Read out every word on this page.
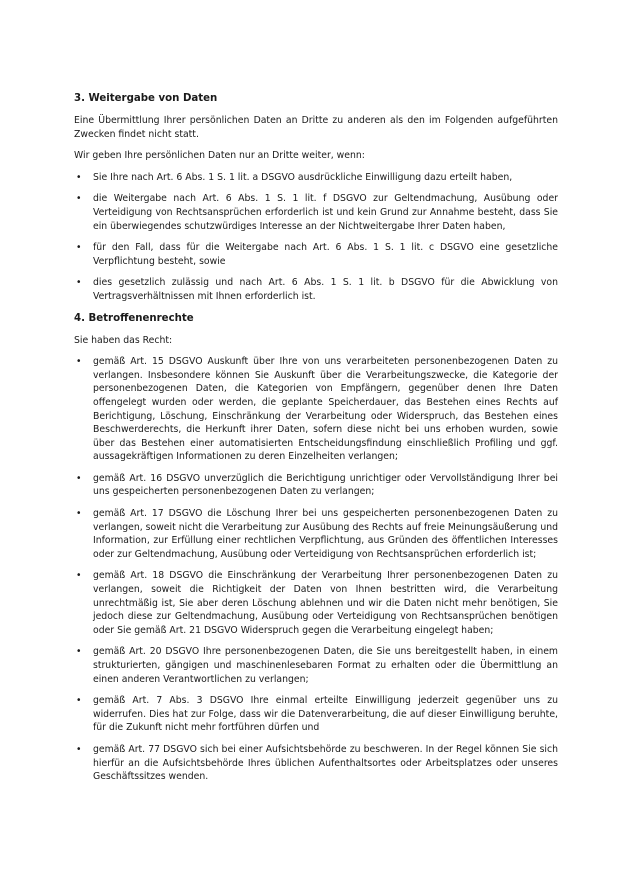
3. Weitergabe von Daten

Eine Übermittlung Ihrer persönlichen Daten an Dritte zu anderen als den im Folgenden aufgeführten Zwecken findet nicht statt.

Wir geben Ihre persönlichen Daten nur an Dritte weiter, wenn:

• Sie Ihre nach Art. 6 Abs. 1 S. 1 lit. a DSGVO ausdrückliche Einwilligung dazu erteilt haben,
• die Weitergabe nach Art. 6 Abs. 1 S. 1 lit. f DSGVO zur Geltendmachung, Ausübung oder Verteidigung von Rechtsansprüchen erforderlich ist und kein Grund zur Annahme besteht, dass Sie ein überwiegendes schutzwürdiges Interesse an der Nichtweitergabe Ihrer Daten haben,
• für den Fall, dass für die Weitergabe nach Art. 6 Abs. 1 S. 1 lit. c DSGVO eine gesetzliche Verpflichtung besteht, sowie
• dies gesetzlich zulässig und nach Art. 6 Abs. 1 S. 1 lit. b DSGVO für die Abwicklung von Vertragsverhältnissen mit Ihnen erforderlich ist.
4. Betroffenenrechte

Sie haben das Recht:

• gemäß Art. 15 DSGVO Auskunft über Ihre von uns verarbeiteten personenbezogenen Daten zu verlangen. Insbesondere können Sie Auskunft über die Verarbeitungszwecke, die Kategorie der personenbezogenen Daten, die Kategorien von Empfängern, gegenüber denen Ihre Daten offengelegt wurden oder werden, die geplante Speicherdauer, das Bestehen eines Rechts auf Berichtigung, Löschung, Einschränkung der Verarbeitung oder Widerspruch, das Bestehen eines Beschwerderechts, die Herkunft ihrer Daten, sofern diese nicht bei uns erhoben wurden, sowie über das Bestehen einer automatisierten Entscheidungsfindung einschließlich Profiling und ggf. aussagekräftigen Informationen zu deren Einzelheiten verlangen;
• gemäß Art. 16 DSGVO unverzüglich die Berichtigung unrichtiger oder Vervollständigung Ihrer bei uns gespeicherten personenbezogenen Daten zu verlangen;
• gemäß Art. 17 DSGVO die Löschung Ihrer bei uns gespeicherten personenbezogenen Daten zu verlangen, soweit nicht die Verarbeitung zur Ausübung des Rechts auf freie Meinungsäußerung und Information, zur Erfüllung einer rechtlichen Verpflichtung, aus Gründen des öffentlichen Interesses oder zur Geltendmachung, Ausübung oder Verteidigung von Rechtsansprüchen erforderlich ist;
• gemäß Art. 18 DSGVO die Einschränkung der Verarbeitung Ihrer personenbezogenen Daten zu verlangen, soweit die Richtigkeit der Daten von Ihnen bestritten wird, die Verarbeitung unrechtmäßig ist, Sie aber deren Löschung ablehnen und wir die Daten nicht mehr benötigen, Sie jedoch diese zur Geltendmachung, Ausübung oder Verteidigung von Rechtsansprüchen benötigen oder Sie gemäß Art. 21 DSGVO Widerspruch gegen die Verarbeitung eingelegt haben;
• gemäß Art. 20 DSGVO Ihre personenbezogenen Daten, die Sie uns bereitgestellt haben, in einem strukturierten, gängigen und maschinenlesebaren Format zu erhalten oder die Übermittlung an einen anderen Verantwortlichen zu verlangen;
• gemäß Art. 7 Abs. 3 DSGVO Ihre einmal erteilte Einwilligung jederzeit gegenüber uns zu widerrufen. Dies hat zur Folge, dass wir die Datenverarbeitung, die auf dieser Einwilligung beruhte, für die Zukunft nicht mehr fortführen dürfen und
• gemäß Art. 77 DSGVO sich bei einer Aufsichtsbehörde zu beschweren. In der Regel können Sie sich hierfür an die Aufsichtsbehörde Ihres üblichen Aufenthaltsortes oder Arbeitsplatzes oder unseres Geschäftssitzes wenden.
